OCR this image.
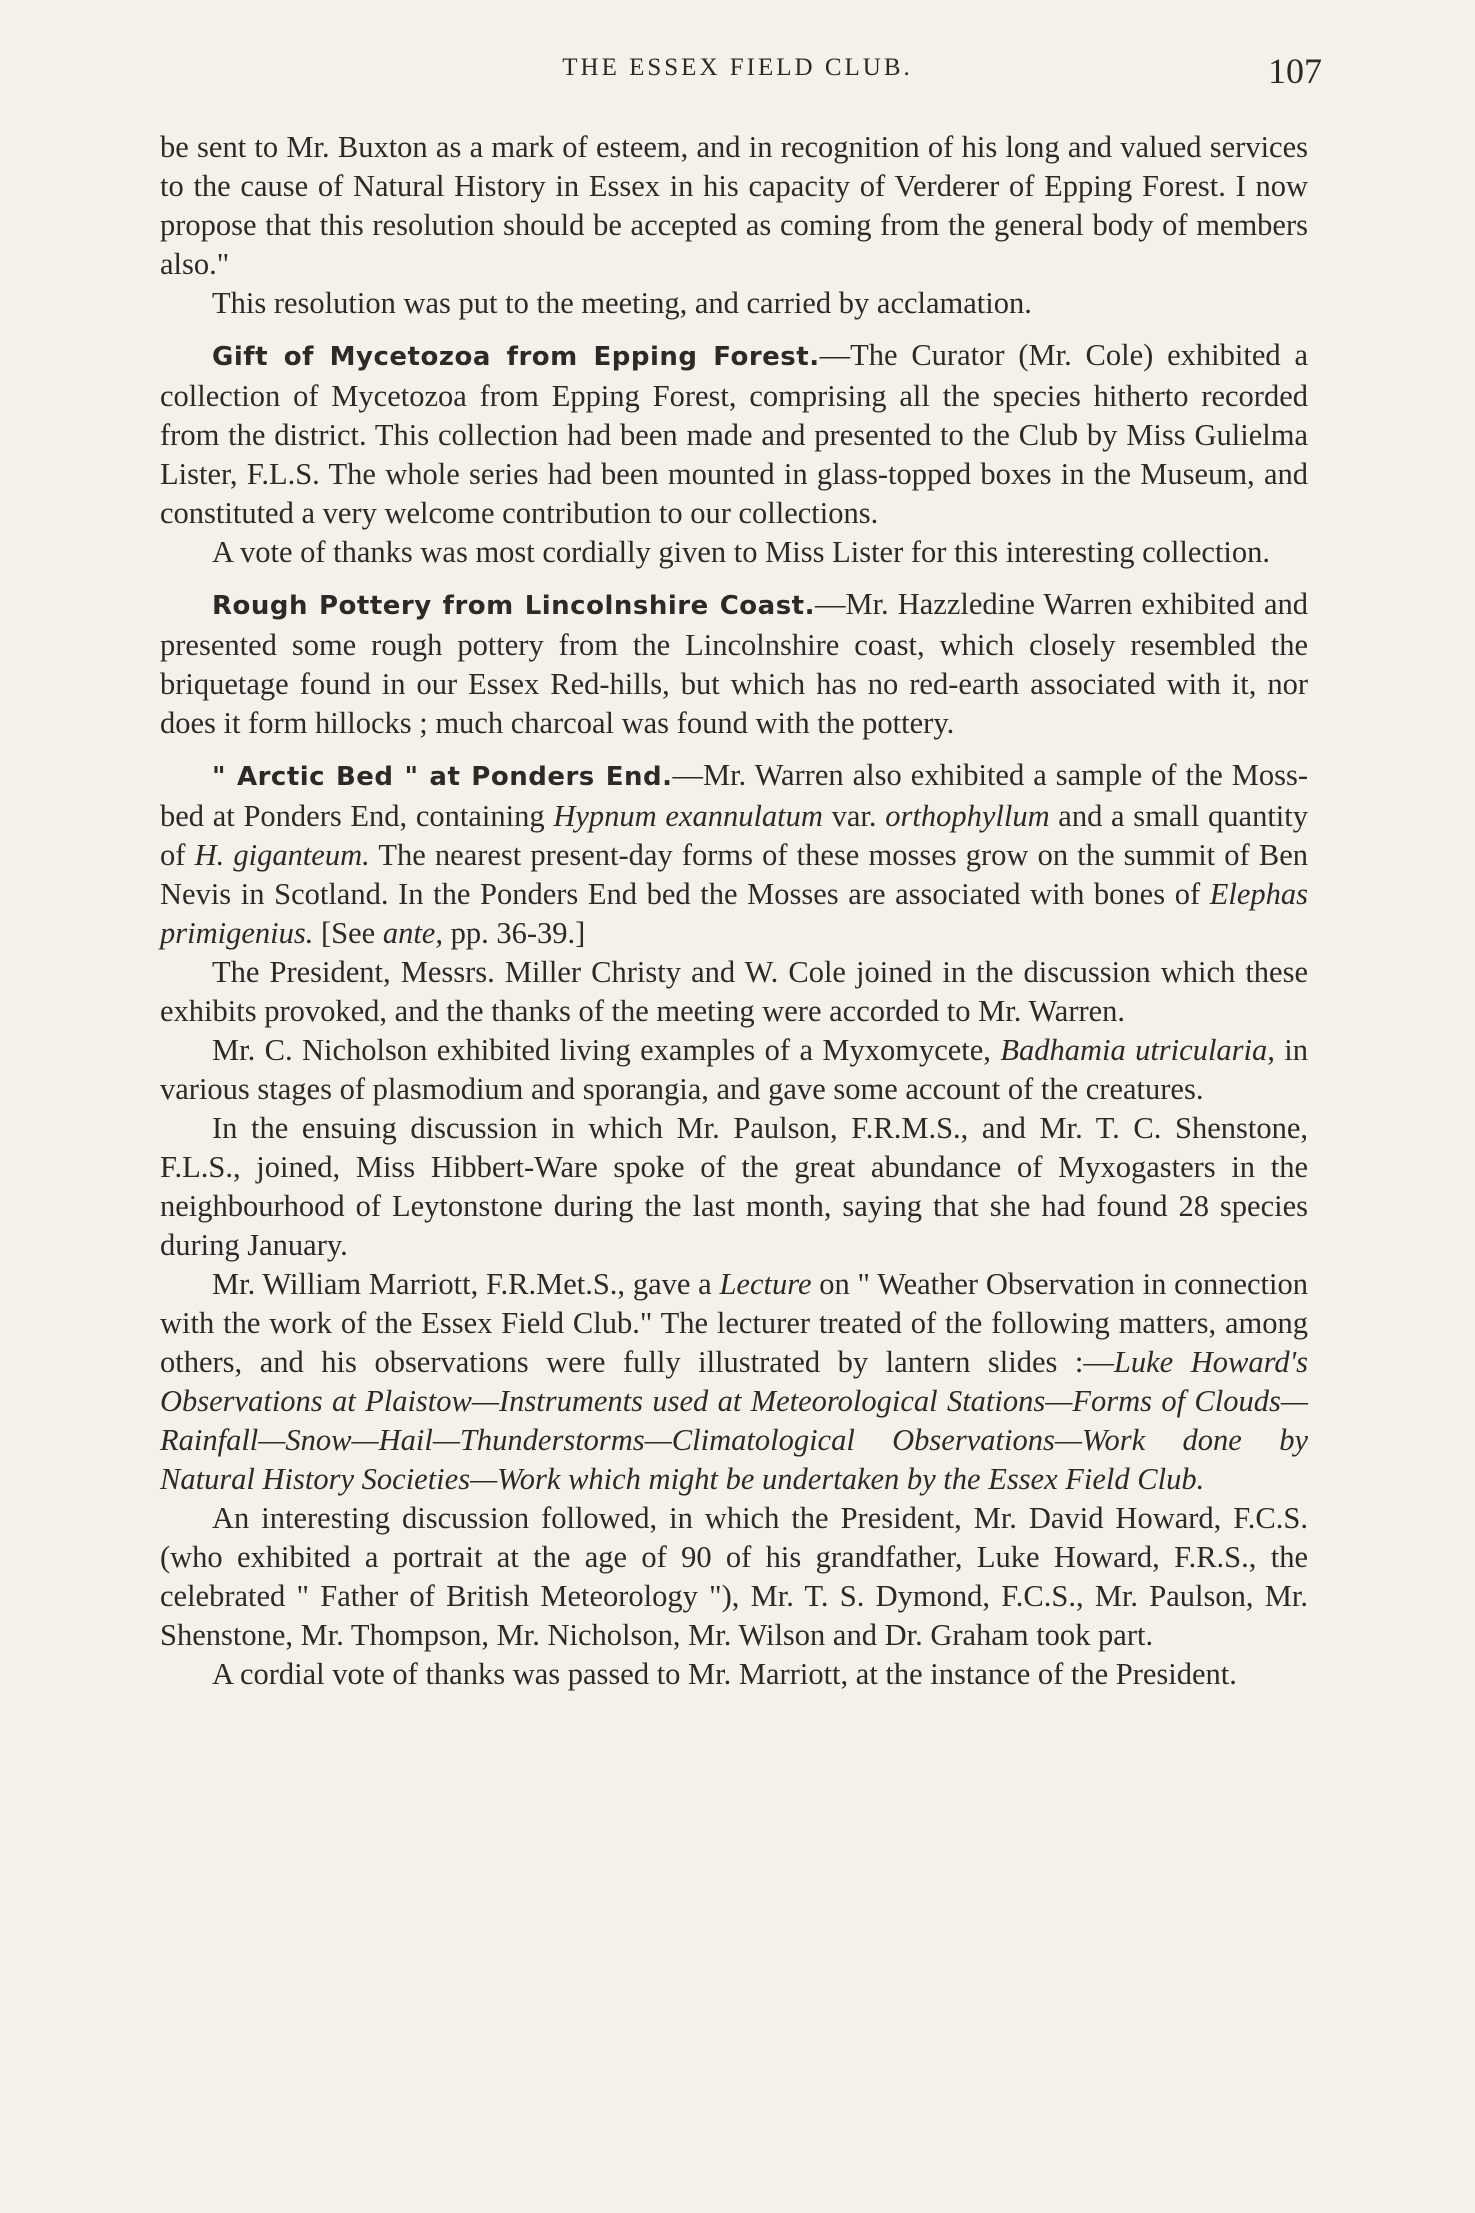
THE ESSEX FIELD CLUB.	107

be sent to Mr. Buxton as a mark of esteem, and in recognition of his long and valued services to the cause of Natural History in Essex in his capacity of Verderer of Epping Forest. I now propose that this resolution should be accepted as coming from the general body of members also."

This resolution was put to the meeting, and carried by acclamation.

Gift of Mycetozoa from Epping Forest.—The Curator (Mr. Cole) exhibited a collection of Mycetozoa from Epping Forest, comprising all the species hitherto recorded from the district. This collection had been made and presented to the Club by Miss Gulielma Lister, F.L.S. The whole series had been mounted in glass-topped boxes in the Museum, and constituted a very welcome contribution to our collections.

A vote of thanks was most cordially given to Miss Lister for this interesting collection.

Rough Pottery from Lincolnshire Coast.—Mr. Hazzledine Warren exhibited and presented some rough pottery from the Lincolnshire coast, which closely resembled the briquetage found in our Essex Red-hills, but which has no red-earth associated with it, nor does it form hillocks ; much charcoal was found with the pottery.

" Arctic Bed " at Ponders End.—Mr. Warren also exhibited a sample of the Moss-bed at Ponders End, containing Hypnum exannulatum var. orthophyllum and a small quantity of H. giganteum. The nearest present-day forms of these mosses grow on the summit of Ben Nevis in Scotland. In the Ponders End bed the Mosses are associated with bones of Elephas primigenius. [See ante, pp. 36-39.]

The President, Messrs. Miller Christy and W. Cole joined in the discussion which these exhibits provoked, and the thanks of the meeting were accorded to Mr. Warren.

Mr. C. Nicholson exhibited living examples of a Myxomycete, Badhamia utricularia, in various stages of plasmodium and sporangia, and gave some account of the creatures.

In the ensuing discussion in which Mr. Paulson, F.R.M.S., and Mr. T. C. Shenstone, F.L.S., joined, Miss Hibbert-Ware spoke of the great abundance of Myxogasters in the neighbourhood of Leytonstone during the last month, saying that she had found 28 species during January.

Mr. William Marriott, F.R.Met.S., gave a Lecture on " Weather Observation in connection with the work of the Essex Field Club." The lecturer treated of the following matters, among others, and his observations were fully illustrated by lantern slides :—Luke Howard's Observations at Plaistow—Instruments used at Meteorological Stations—Forms of Clouds—Rainfall—Snow—Hail—Thunderstorms—Climatological Observations—Work done by Natural History Societies—Work which might be undertaken by the Essex Field Club.

An interesting discussion followed, in which the President, Mr. David Howard, F.C.S. (who exhibited a portrait at the age of 90 of his grandfather, Luke Howard, F.R.S., the celebrated " Father of British Meteorology "), Mr. T. S. Dymond, F.C.S., Mr. Paulson, Mr. Shenstone, Mr. Thompson, Mr. Nicholson, Mr. Wilson and Dr. Graham took part.

A cordial vote of thanks was passed to Mr. Marriott, at the instance of the President.
